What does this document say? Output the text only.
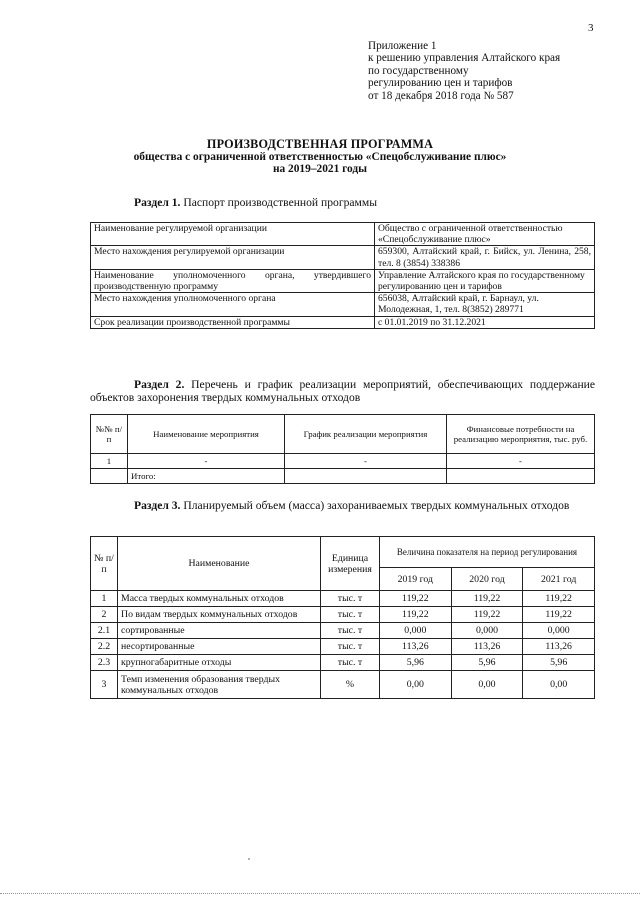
3
Приложение 1
к решению управления Алтайского края
по государственному
регулированию цен и тарифов
от 18 декабря 2018 года № 587
ПРОИЗВОДСТВЕННАЯ ПРОГРАММА
общества с ограниченной ответственностью «Спецобслуживание плюс»
на 2019–2021 годы
Раздел 1. Паспорт производственной программы
Наименование регулируемой организации	Общество с ограниченной ответственностью «Спецобслуживание плюс»
Место нахождения регулируемой организации	659300, Алтайский край, г. Бийск, ул. Ленина, 258, тел. 8 (3854) 338386
Наименование уполномоченного органа, утвердившего производственную программу	Управление Алтайского края по государственному регулированию цен и тарифов
Место нахождения уполномоченного органа	656038, Алтайский край, г. Барнаул, ул. Молодежная, 1, тел. 8(3852) 289771
Срок реализации производственной программы	с 01.01.2019 по 31.12.2021
Раздел 2. Перечень и график реализации мероприятий, обеспечивающих поддержание объектов захоронения твердых коммунальных отходов
№№ п/п	Наименование мероприятия	График реализации мероприятия	Финансовые потребности на реализацию мероприятия, тыс. руб.
1	-	-	-
	Итого:		
Раздел 3. Планируемый объем (масса) захораниваемых твердых коммунальных отходов
№ п/п	Наименование	Единица измерения	Величина показателя на период регулирования		
			2019 год	2020 год	2021 год
1	Масса твердых коммунальных отходов	тыс. т	119,22	119,22	119,22
2	По видам твердых коммунальных отходов	тыс. т	119,22	119,22	119,22
2.1	сортированные	тыс. т	0,000	0,000	0,000
2.2	несортированные	тыс. т	113,26	113,26	113,26
2.3	крупногабаритные отходы	тыс. т	5,96	5,96	5,96
3	Темп изменения образования твердых коммунальных отходов	%	0,00	0,00	0,00
